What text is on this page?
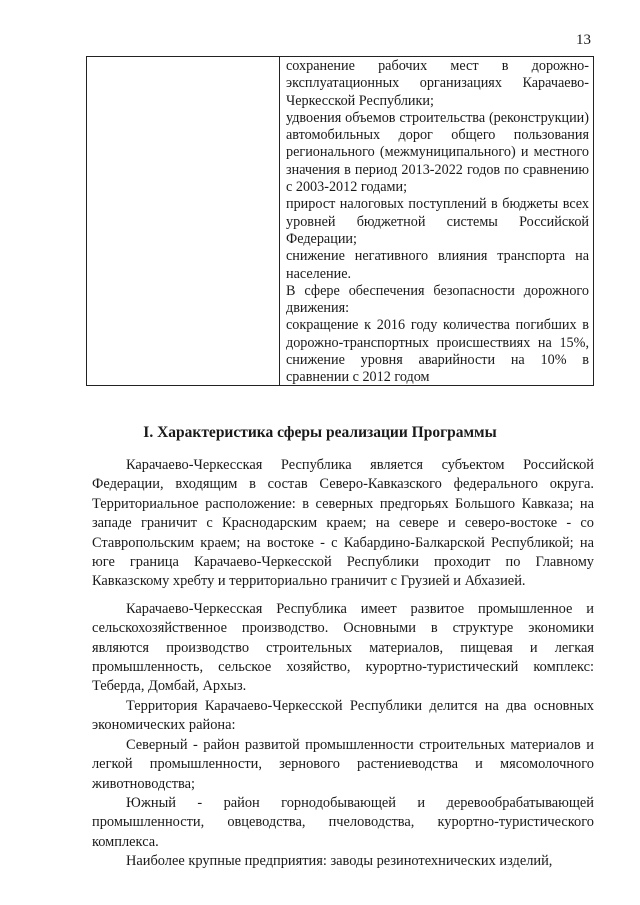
13

сохранение рабочих мест в дорожно-эксплуатационных организациях Карачаево-Черкесской Республики;

удвоения объемов строительства (реконструкции) автомобильных дорог общего пользования регионального (межмуниципального) и местного значения в период 2013-2022 годов по сравнению с 2003-2012 годами;

прирост налоговых поступлений в бюджеты всех уровней бюджетной системы Российской Федерации;

снижение негативного влияния транспорта на население.

В сфере обеспечения безопасности дорожного движения:

сокращение к 2016 году количества погибших в дорожно-транспортных происшествиях на 15%, снижение уровня аварийности на 10% в сравнении с 2012 годом

I. Характеристика сферы реализации Программы

Карачаево-Черкесская Республика является субъектом Российской Федерации, входящим в состав Северо-Кавказского федерального округа. Территориальное расположение: в северных предгорьях Большого Кавказа; на западе граничит с Краснодарским краем; на севере и северо-востоке - со Ставропольским краем; на востоке - с Кабардино-Балкарской Республикой; на юге граница Карачаево-Черкесской Республики проходит по Главному Кавказскому хребту и территориально граничит с Грузией и Абхазией.

Карачаево-Черкесская Республика имеет развитое промышленное и сельскохозяйственное производство. Основными в структуре экономики являются производство строительных материалов, пищевая и легкая промышленность, сельское хозяйство, курортно-туристический комплекс: Теберда, Домбай, Архыз.

Территория Карачаево-Черкесской Республики делится на два основных экономических района:

Северный - район развитой промышленности строительных материалов и легкой промышленности, зернового растениеводства и мясомолочного животноводства;

Южный - район горнодобывающей и деревообрабатывающей промышленности, овцеводства, пчеловодства, курортно-туристического комплекса.

Наиболее крупные предприятия: заводы резинотехнических изделий,
